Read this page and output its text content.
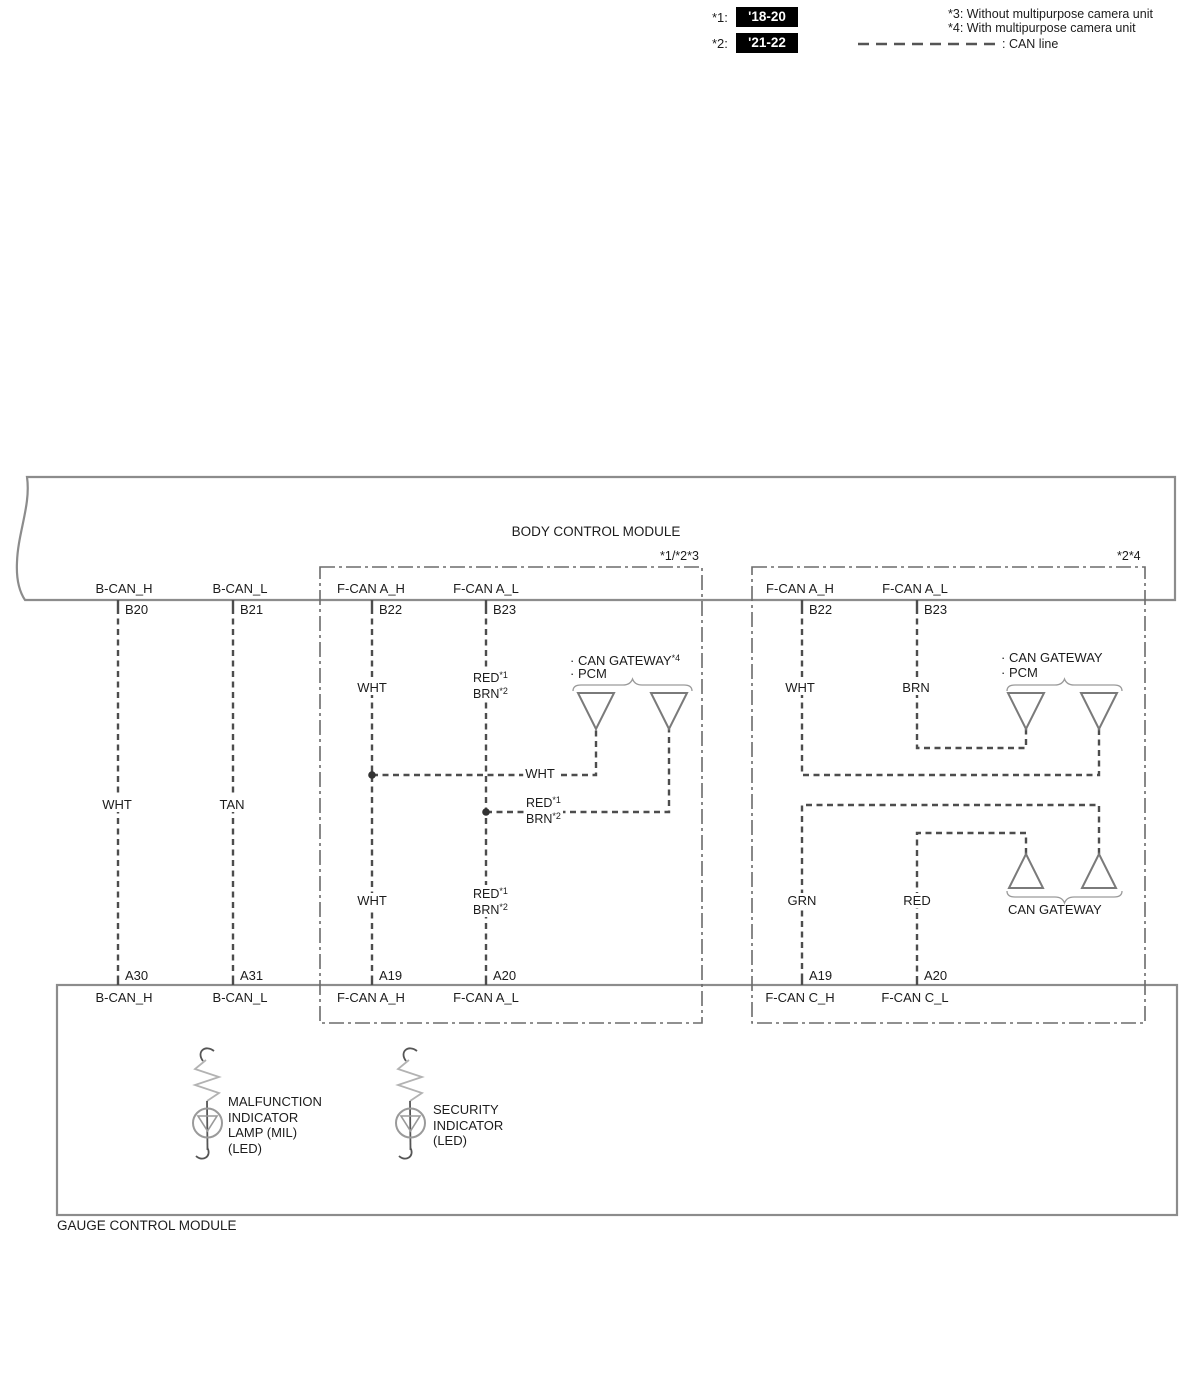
*1:	'18-20
*2:	'21-22
*3: Without multipurpose camera unit
*4: With multipurpose camera unit
: CAN line
BODY CONTROL MODULE
*1/*2*3	*2*4
GAUGE CONTROL MODULE
B-CAN_H	B-CAN_L	F-CAN A_H	F-CAN A_L	F-CAN A_H	F-CAN A_L
B20	B21	B22	B23	B22	B23
WHT	TAN
WHT
RED$^{*1}$
BRN$^{*2}$
WHT
RED$^{*1}$
BRN$^{*2}$
WHT	RED$^{*1}$
BRN$^{*2}$
WHT	BRN
GRN	RED
· CAN $GATEWAY^{*4}$
· PCM
· CAN GATEWAY
· PCM
CAN GATEWAY
A30	A31	A19	A20	A19	A20
B-CAN_H	B-CAN_L	F-CAN A_H	F-CAN A_L	F-CAN C_H	F-CAN C_L
MALFUNCTION
INDICATOR
LAMP (MIL)
(LED)
SECURITY
INDICATOR
(LED)
